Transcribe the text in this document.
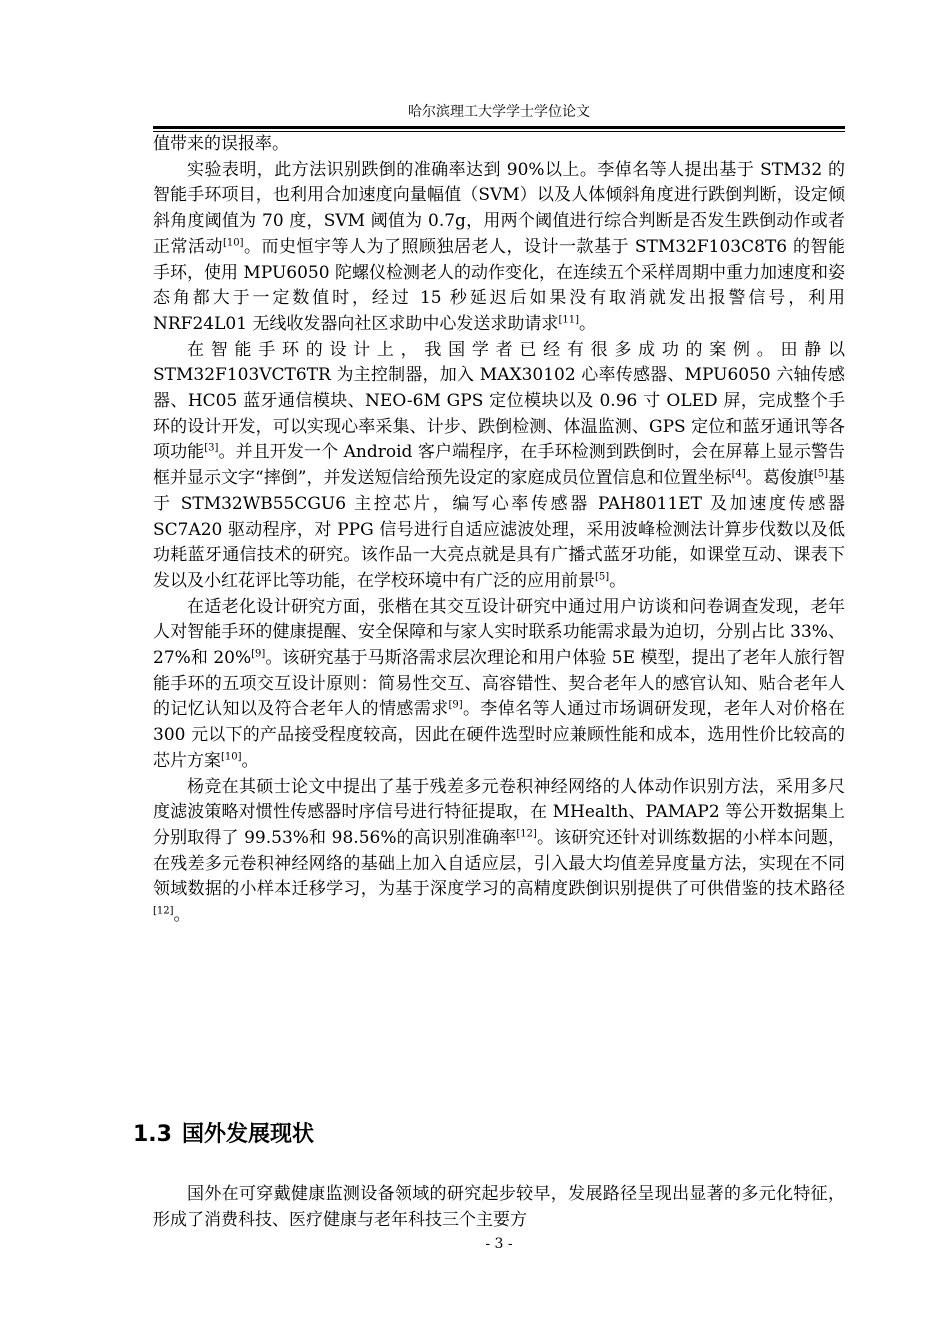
哈尔滨理工大学学士学位论文

值带来的误报率。

实验表明，此方法识别跌倒的准确率达到 90%以上。李倬名等人提出基于 STM32 的智能手环项目，也利用合加速度向量幅值（SVM）以及人体倾斜角度进行跌倒判断，设定倾斜角度阈值为 70 度，SVM 阈值为 0.7g，用两个阈值进行综合判断是否发生跌倒动作或者正常活动[10]。而史恒宇等人为了照顾独居老人，设计一款基于 STM32F103C8T6 的智能手环，使用 MPU6050 陀螺仪检测老人的动作变化，在连续五个采样周期中重力加速度和姿态角都大于一定数值时，经过 15 秒延迟后如果没有取消就发出报警信号，利用 NRF24L01 无线收发器向社区求助中心发送求助请求[11]。

在智能手环的设计上，我国学者已经有很多成功的案例。田静以 STM32F103VCT6TR 为主控制器，加入 MAX30102 心率传感器、MPU6050 六轴传感器、HC05 蓝牙通信模块、NEO-6M GPS 定位模块以及 0.96 寸 OLED 屏，完成整个手环的设计开发，可以实现心率采集、计步、跌倒检测、体温监测、GPS 定位和蓝牙通讯等各项功能[3]。并且开发一个 Android 客户端程序，在手环检测到跌倒时，会在屏幕上显示警告框并显示文字“摔倒”，并发送短信给预先设定的家庭成员位置信息和位置坐标[4]。葛俊旗[5]基于 STM32WB55CGU6 主控芯片，编写心率传感器 PAH8011ET 及加速度传感器 SC7A20 驱动程序，对 PPG 信号进行自适应滤波处理，采用波峰检测法计算步伐数以及低功耗蓝牙通信技术的研究。该作品一大亮点就是具有广播式蓝牙功能，如课堂互动、课表下发以及小红花评比等功能，在学校环境中有广泛的应用前景[5]。

在适老化设计研究方面，张楷在其交互设计研究中通过用户访谈和问卷调查发现，老年人对智能手环的健康提醒、安全保障和与家人实时联系功能需求最为迫切，分别占比 33%、27%和 20%[9]。该研究基于马斯洛需求层次理论和用户体验 5E 模型，提出了老年人旅行智能手环的五项交互设计原则：简易性交互、高容错性、契合老年人的感官认知、贴合老年人的记忆认知以及符合老年人的情感需求[9]。李倬名等人通过市场调研发现，老年人对价格在 300 元以下的产品接受程度较高，因此在硬件选型时应兼顾性能和成本，选用性价比较高的芯片方案[10]。

杨竞在其硕士论文中提出了基于残差多元卷积神经网络的人体动作识别方法，采用多尺度滤波策略对惯性传感器时序信号进行特征提取，在 MHealth、PAMAP2 等公开数据集上分别取得了 99.53%和 98.56%的高识别准确率[12]。该研究还针对训练数据的小样本问题，在残差多元卷积神经网络的基础上加入自适应层，引入最大均值差异度量方法，实现在不同领域数据的小样本迁移学习，为基于深度学习的高精度跌倒识别提供了可供借鉴的技术路径[12]。

1.3 国外发展现状

国外在可穿戴健康监测设备领域的研究起步较早，发展路径呈现出显著的多元化特征，形成了消费科技、医疗健康与老年科技三个主要方

- 3 -
